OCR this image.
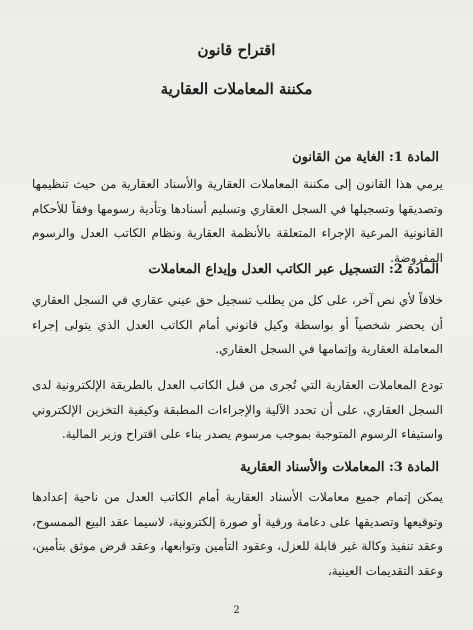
اقتراح قانون
مكننة المعاملات العقارية
المادة 1: الغاية من القانون

يرمي هذا القانون إلى مكننة المعاملات العقارية والأسناد العقارية من حيث تنظيمها وتصديقها وتسجيلها في السجل العقاري وتسليم أسنادها وتأدية رسومها وفقاً للأحكام القانونية المرعية الإجراء المتعلقة بالأنظمة العقارية ونظام الكاتب العدل والرسوم المفروضة.

المادة 2: التسجيل عبر الكاتب العدل وإيداع المعاملات

خلافاً لأي نص آخر، على كل من يطلب تسجيل حق عيني عقاري في السجل العقاري أن يحضر شخصياً أو بواسطة وكيل قانوني أمام الكاتب العدل الذي يتولى إجراء المعاملة العقارية وإتمامها في السجل العقاري.

تودع المعاملات العقارية التي تُجرى من قبل الكاتب العدل بالطريقة الإلكترونية لدى السجل العقاري، على أن تحدد الآلية والإجراءات المطبقة وكيفية التخزين الإلكتروني واستيفاء الرسوم المتوجبة بموجب مرسوم يصدر بناء على اقتراح وزير المالية.

المادة 3: المعاملات والأسناد العقارية

يمكن إتمام جميع معاملات الأسناد العقارية أمام الكاتب العدل من ناحية إعدادها وتوقيعها وتصديقها على دعامة ورقية أو صورة إلكترونية، لاسيما عقد البيع الممسوح، وعقد تنفيذ وكالة غير قابلة للعزل، وعقود التأمين وتوابعها، وعقد قرض موثق بتأمين، وعقد التقديمات العينية،

2
